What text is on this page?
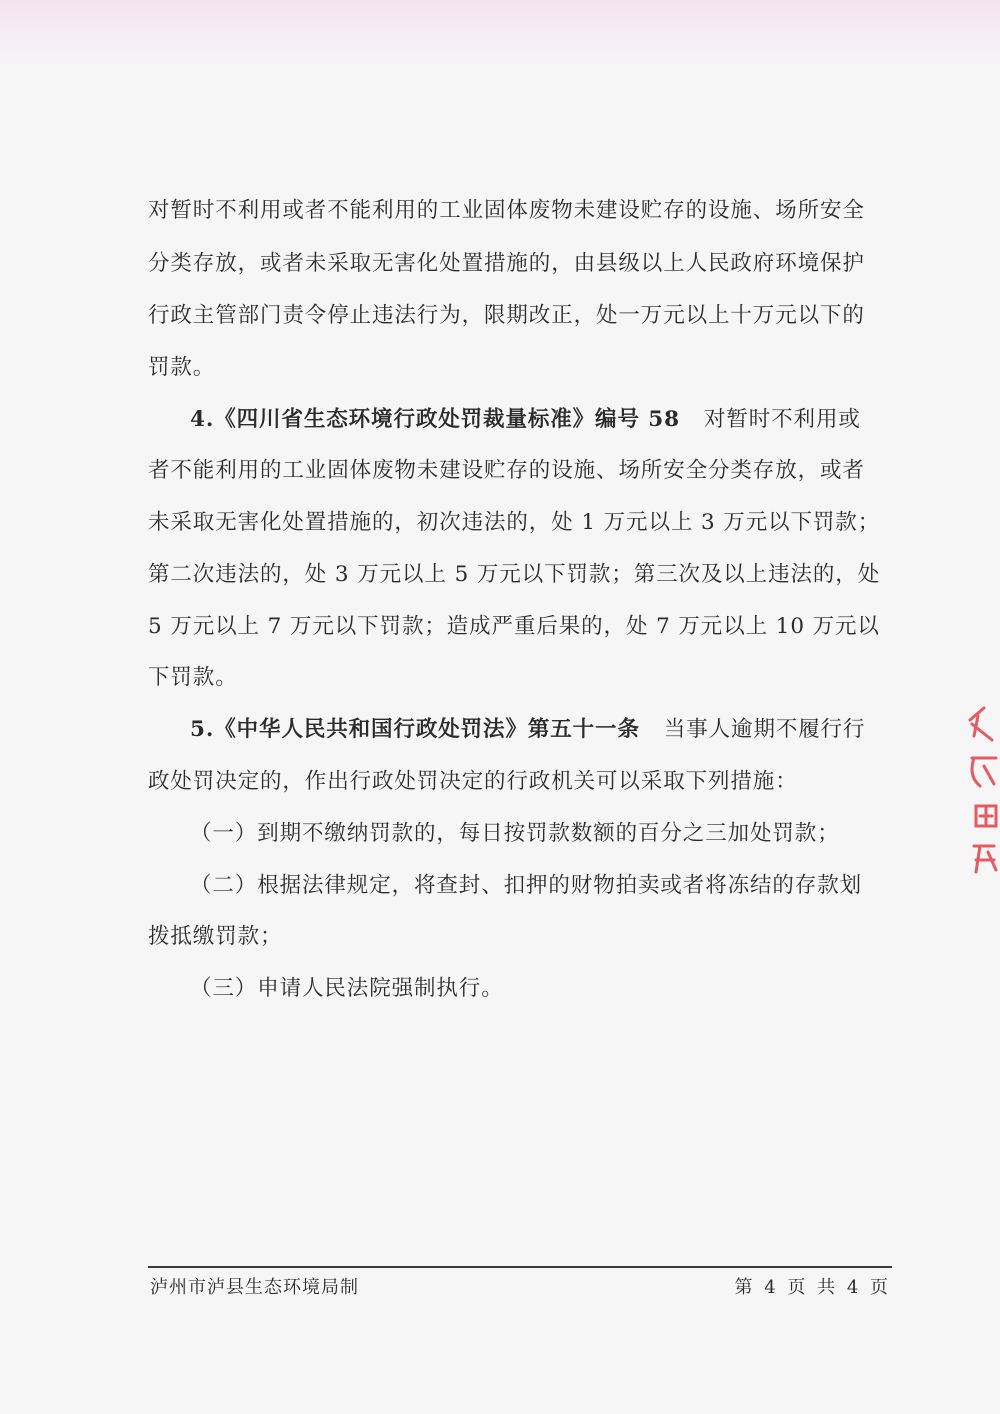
对暂时不利用或者不能利用的工业固体废物未建设贮存的设施、场所安全
分类存放，或者未采取无害化处置措施的，由县级以上人民政府环境保护
行政主管部门责令停止违法行为，限期改正，处一万元以上十万元以下的
罚款。
4.《四川省生态环境行政处罚裁量标准》编号 58 对暂时不利用或
者不能利用的工业固体废物未建设贮存的设施、场所安全分类存放，或者
未采取无害化处置措施的，初次违法的，处 1 万元以上 3 万元以下罚款；
第二次违法的，处 3 万元以上 5 万元以下罚款；第三次及以上违法的，处
5 万元以上 7 万元以下罚款；造成严重后果的，处 7 万元以上 10 万元以
下罚款。
5.《中华人民共和国行政处罚法》第五十一条 当事人逾期不履行行
政处罚决定的，作出行政处罚决定的行政机关可以采取下列措施：
（一）到期不缴纳罚款的，每日按罚款数额的百分之三加处罚款；
（二）根据法律规定，将查封、扣押的财物拍卖或者将冻结的存款划
拨抵缴罚款；
（三）申请人民法院强制执行。
泸州市泸县生态环境局制	第 4 页 共 4 页
